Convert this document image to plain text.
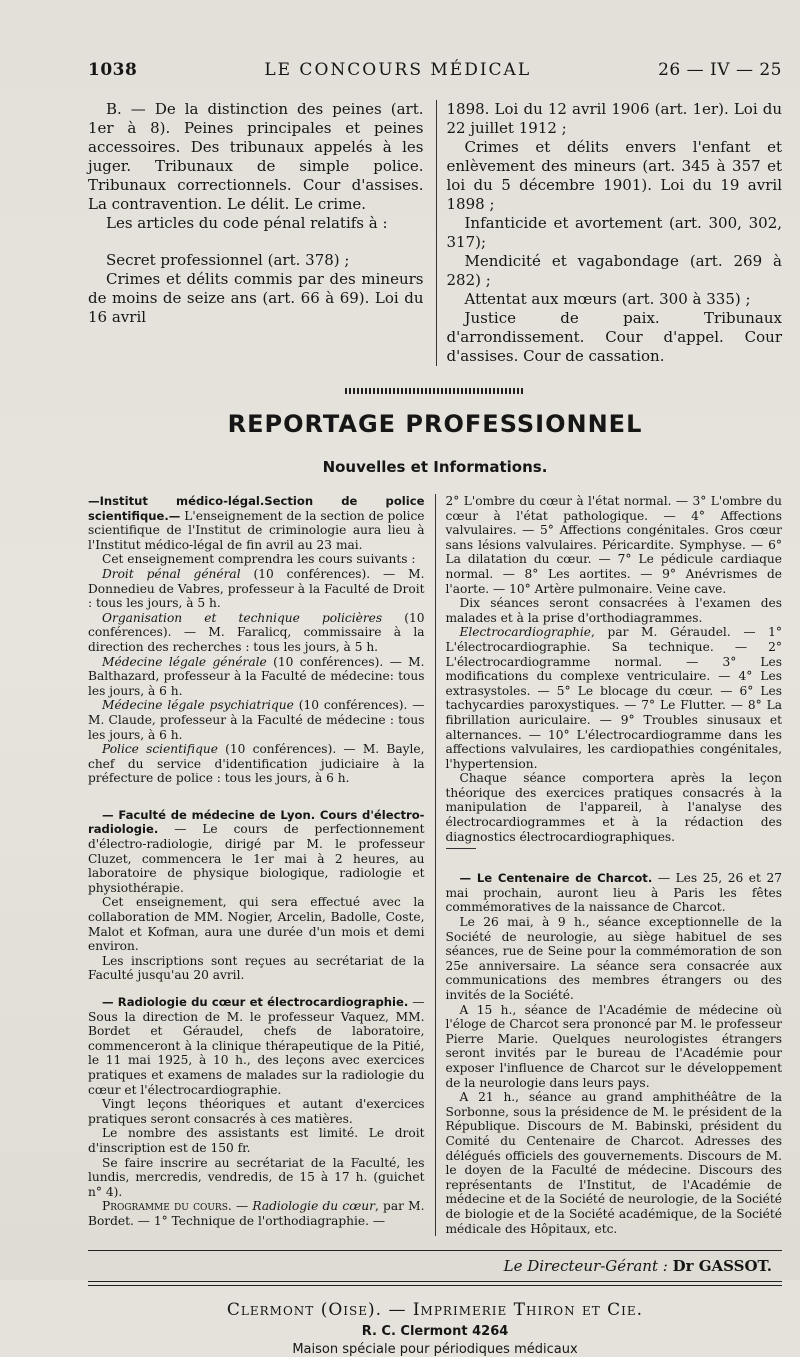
1038	LE CONCOURS MÉDICAL	26 — IV — 25

B. — De la distinction des peines (art. 1er à 8). Peines principales et peines accessoires. Des tribunaux appelés à les juger. Tribunaux de simple police. Tribunaux correctionnels. Cour d'assises. La contravention. Le délit. Le crime.

Les articles du code pénal relatifs à :

Secret professionnel (art. 378) ;

Crimes et délits commis par des mineurs de moins de seize ans (art. 66 à 69). Loi du 16 avril

1898. Loi du 12 avril 1906 (art. 1er). Loi du 22 juillet 1912 ;

Crimes et délits envers l'enfant et enlèvement des mineurs (art. 345 à 357 et loi du 5 décembre 1901). Loi du 19 avril 1898 ;

Infanticide et avortement (art. 300, 302, 317);

Mendicité et vagabondage (art. 269 à 282) ;

Attentat aux mœurs (art. 300 à 335) ;

Justice de paix. Tribunaux d'arrondissement. Cour d'appel. Cour d'assises. Cour de cassation.

REPORTAGE PROFESSIONNEL
Nouvelles et Informations.

—Institut médico-légal.Section de police scientifique.— L'enseignement de la section de police scientifique de l'Institut de criminologie aura lieu à l'Institut médico-légal de fin avril au 23 mai.

Cet enseignement comprendra les cours suivants :

Droit pénal général (10 conférences). — M. Donnedieu de Vabres, professeur à la Faculté de Droit : tous les jours, à 5 h.

Organisation et technique policières (10 conférences). — M. Faralicq, commissaire à la direction des recherches : tous les jours, à 5 h.

Médecine légale générale (10 conférences). — M. Balthazard, professeur à la Faculté de médecine: tous les jours, à 6 h.

Médecine légale psychiatrique (10 conférences). — M. Claude, professeur à la Faculté de médecine : tous les jours, à 6 h.

Police scientifique (10 conférences). — M. Bayle, chef du service d'identification judiciaire à la préfecture de police : tous les jours, à 6 h.

— Faculté de médecine de Lyon. Cours d'électro-radiologie. — Le cours de perfectionnement d'électro-radiologie, dirigé par M. le professeur Cluzet, commencera le 1er mai à 2 heures, au laboratoire de physique biologique, radiologie et physiothérapie.

Cet enseignement, qui sera effectué avec la collaboration de MM. Nogier, Arcelin, Badolle, Coste, Malot et Kofman, aura une durée d'un mois et demi environ.

Les inscriptions sont reçues au secrétariat de la Faculté jusqu'au 20 avril.

— Radiologie du cœur et électrocardiographie. — Sous la direction de M. le professeur Vaquez, MM. Bordet et Géraudel, chefs de laboratoire, commenceront à la clinique thérapeutique de la Pitié, le 11 mai 1925, à 10 h., des leçons avec exercices pratiques et examens de malades sur la radiologie du cœur et l'électrocardiographie.

Vingt leçons théoriques et autant d'exercices pratiques seront consacrés à ces matières.

Le nombre des assistants est limité. Le droit d'inscription est de 150 fr.

Se faire inscrire au secrétariat de la Faculté, les lundis, mercredis, vendredis, de 15 à 17 h. (guichet n° 4).

Programme du cours. — Radiologie du cœur, par M. Bordet. — 1° Technique de l'orthodiagraphie. —

2° L'ombre du cœur à l'état normal. — 3° L'ombre du cœur à l'état pathologique. — 4° Affections valvulaires. — 5° Affections congénitales. Gros cœur sans lésions valvulaires. Péricardite. Symphyse. — 6° La dilatation du cœur. — 7° Le pédicule cardiaque normal. — 8° Les aortites. — 9° Anévrismes de l'aorte. — 10° Artère pulmonaire. Veine cave.

Dix séances seront consacrées à l'examen des malades et à la prise d'orthodiagrammes.

Electrocardiographie, par M. Géraudel. — 1° L'électrocardiographie. Sa technique. — 2° L'électrocardiogramme normal. — 3° Les modifications du complexe ventriculaire. — 4° Les extrasystoles. — 5° Le blocage du cœur. — 6° Les tachycardies paroxystiques. — 7° Le Flutter. — 8° La fibrillation auriculaire. — 9° Troubles sinusaux et alternances. — 10° L'électrocardiogramme dans les affections valvulaires, les cardiopathies congénitales, l'hypertension.

Chaque séance comportera après la leçon théorique des exercices pratiques consacrés à la manipulation de l'appareil, à l'analyse des électrocardiogrammes et à la rédaction des diagnostics électrocardiographiques.

— Le Centenaire de Charcot. — Les 25, 26 et 27 mai prochain, auront lieu à Paris les fêtes commémoratives de la naissance de Charcot.

Le 26 mai, à 9 h., séance exceptionnelle de la Société de neurologie, au siège habituel de ses séances, rue de Seine pour la commémoration de son 25e anniversaire. La séance sera consacrée aux communications des membres étrangers ou des invités de la Société.

A 15 h., séance de l'Académie de médecine où l'éloge de Charcot sera prononcé par M. le professeur Pierre Marie. Quelques neurologistes étrangers seront invités par le bureau de l'Académie pour exposer l'influence de Charcot sur le développement de la neurologie dans leurs pays.

A 21 h., séance au grand amphithéâtre de la Sorbonne, sous la présidence de M. le président de la République. Discours de M. Babinski, président du Comité du Centenaire de Charcot. Adresses des délégués officiels des gouvernements. Discours de M. le doyen de la Faculté de médecine. Discours des représentants de l'Institut, de l'Académie de médecine et de la Société de neurologie, de la Société de biologie et de la Société académique, de la Société médicale des Hôpitaux, etc.

Le Directeur-Gérant : Dr GASSOT.
Clermont (Oise). — Imprimerie Thiron et Cie.
R. C. Clermont 4264
Maison spéciale pour périodiques médicaux
